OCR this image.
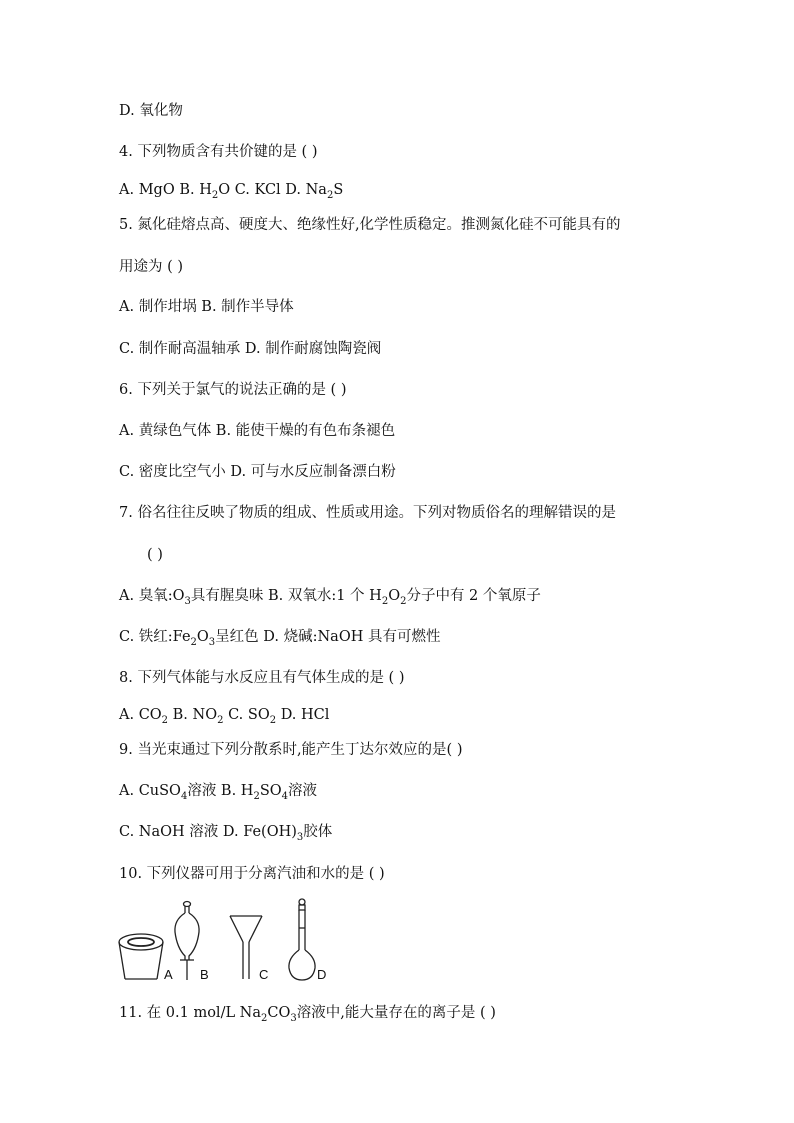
D. 氧化物
4. 下列物质含有共价键的是 ( )
A. MgO B. $H_2O$ C. KCl D. $Na_2S$
5. 氮化硅熔点高、硬度大、绝缘性好,化学性质稳定。推测氮化硅不可能具有的
用途为 ( )
A. 制作坩埚 B. 制作半导体
C. 制作耐高温轴承 D. 制作耐腐蚀陶瓷阀
6. 下列关于氯气的说法正确的是 ( )
A. 黄绿色气体 B. 能使干燥的有色布条褪色
C. 密度比空气小 D. 可与水反应制备漂白粉
7. 俗名往往反映了物质的组成、性质或用途。下列对物质俗名的理解错误的是
( )
A. 臭氧$:O_3$具有腥臭味 B. 双氧水:1 个 $H_2O_2$分子中有 2 个氧原子
C. 铁红$:Fe_2O_3$呈红色 D. 烧碱:NaOH 具有可燃性
8. 下列气体能与水反应且有气体生成的是 ( )
A. $CO_2$ B. $NO_2$ C. $SO_2$ D. HCl
9. 当光束通过下列分散系时,能产生丁达尔效应的是( )
A. CuSO$_4$溶液 B. $H_2SO_4$溶液
C. NaOH 溶液 D. $Fe(OH)_3$胶体
10. 下列仪器可用于分离汽油和水的是 ( )
A B	C	D
11. 在 0.1 mol/L $Na_2CO_3$溶液中,能大量存在的离子是 ( )
